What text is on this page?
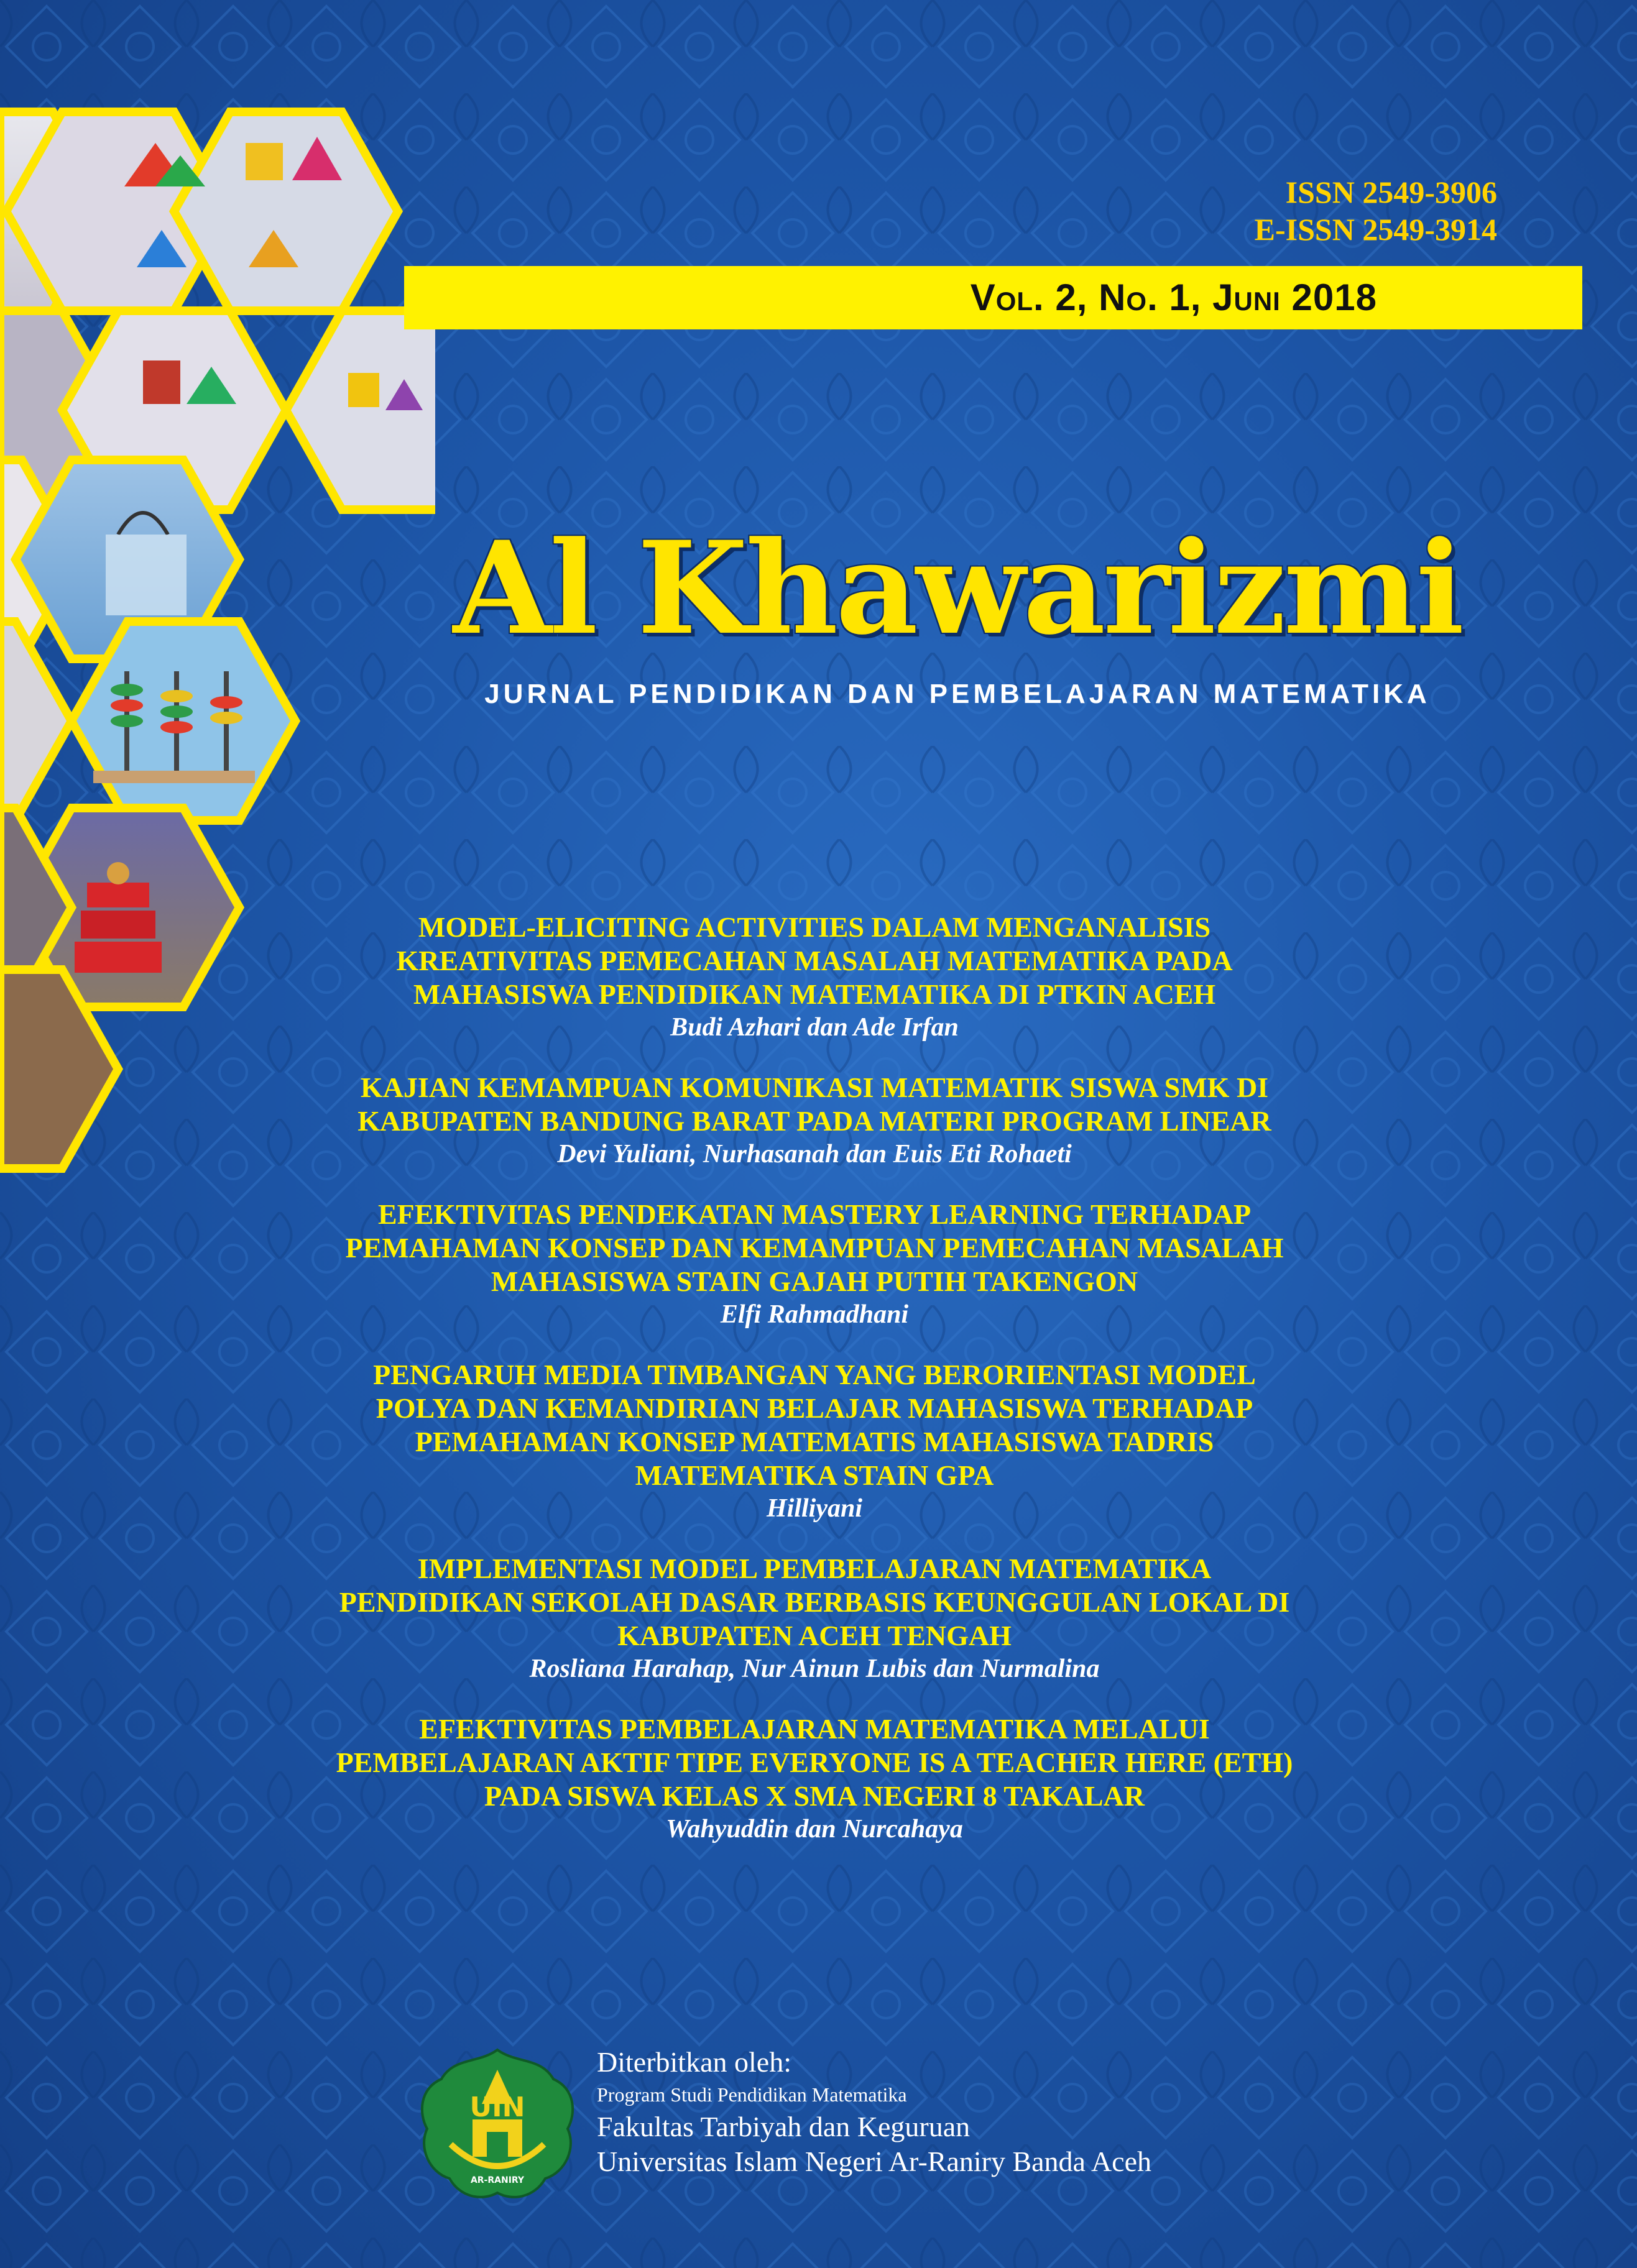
ISSN 2549-3906
E-ISSN 2549-3914
Vol. 2, No. 1, Juni 2018
Al Khawarizmi
JURNAL PENDIDIKAN DAN PEMBELAJARAN MATEMATIKA
MODEL-ELICITING ACTIVITIES DALAM MENGANALISIS
KREATIVITAS PEMECAHAN MASALAH MATEMATIKA PADA
MAHASISWA PENDIDIKAN MATEMATIKA DI PTKIN ACEH
Budi Azhari dan Ade Irfan
KAJIAN KEMAMPUAN KOMUNIKASI MATEMATIK SISWA SMK DI
KABUPATEN BANDUNG BARAT PADA MATERI PROGRAM LINEAR
Devi Yuliani, Nurhasanah dan Euis Eti Rohaeti
EFEKTIVITAS PENDEKATAN MASTERY LEARNING TERHADAP
PEMAHAMAN KONSEP DAN KEMAMPUAN PEMECAHAN MASALAH
MAHASISWA STAIN GAJAH PUTIH TAKENGON
Elfi Rahmadhani
PENGARUH MEDIA TIMBANGAN YANG BERORIENTASI MODEL
POLYA DAN KEMANDIRIAN BELAJAR MAHASISWA TERHADAP
PEMAHAMAN KONSEP MATEMATIS MAHASISWA TADRIS
MATEMATIKA STAIN GPA
Hilliyani
IMPLEMENTASI MODEL PEMBELAJARAN MATEMATIKA
PENDIDIKAN SEKOLAH DASAR BERBASIS KEUNGGULAN LOKAL DI
KABUPATEN ACEH TENGAH
Rosliana Harahap, Nur Ainun Lubis dan Nurmalina
EFEKTIVITAS PEMBELAJARAN MATEMATIKA MELALUI
PEMBELAJARAN AKTIF TIPE EVERYONE IS A TEACHER HERE (ETH)
PADA SISWA KELAS X SMA NEGERI 8 TAKALAR
Wahyuddin dan Nurcahaya
UIN
AR-RANIRY
Diterbitkan oleh:
Program Studi Pendidikan Matematika
Fakultas Tarbiyah dan Keguruan
Universitas Islam Negeri Ar-Raniry Banda Aceh
